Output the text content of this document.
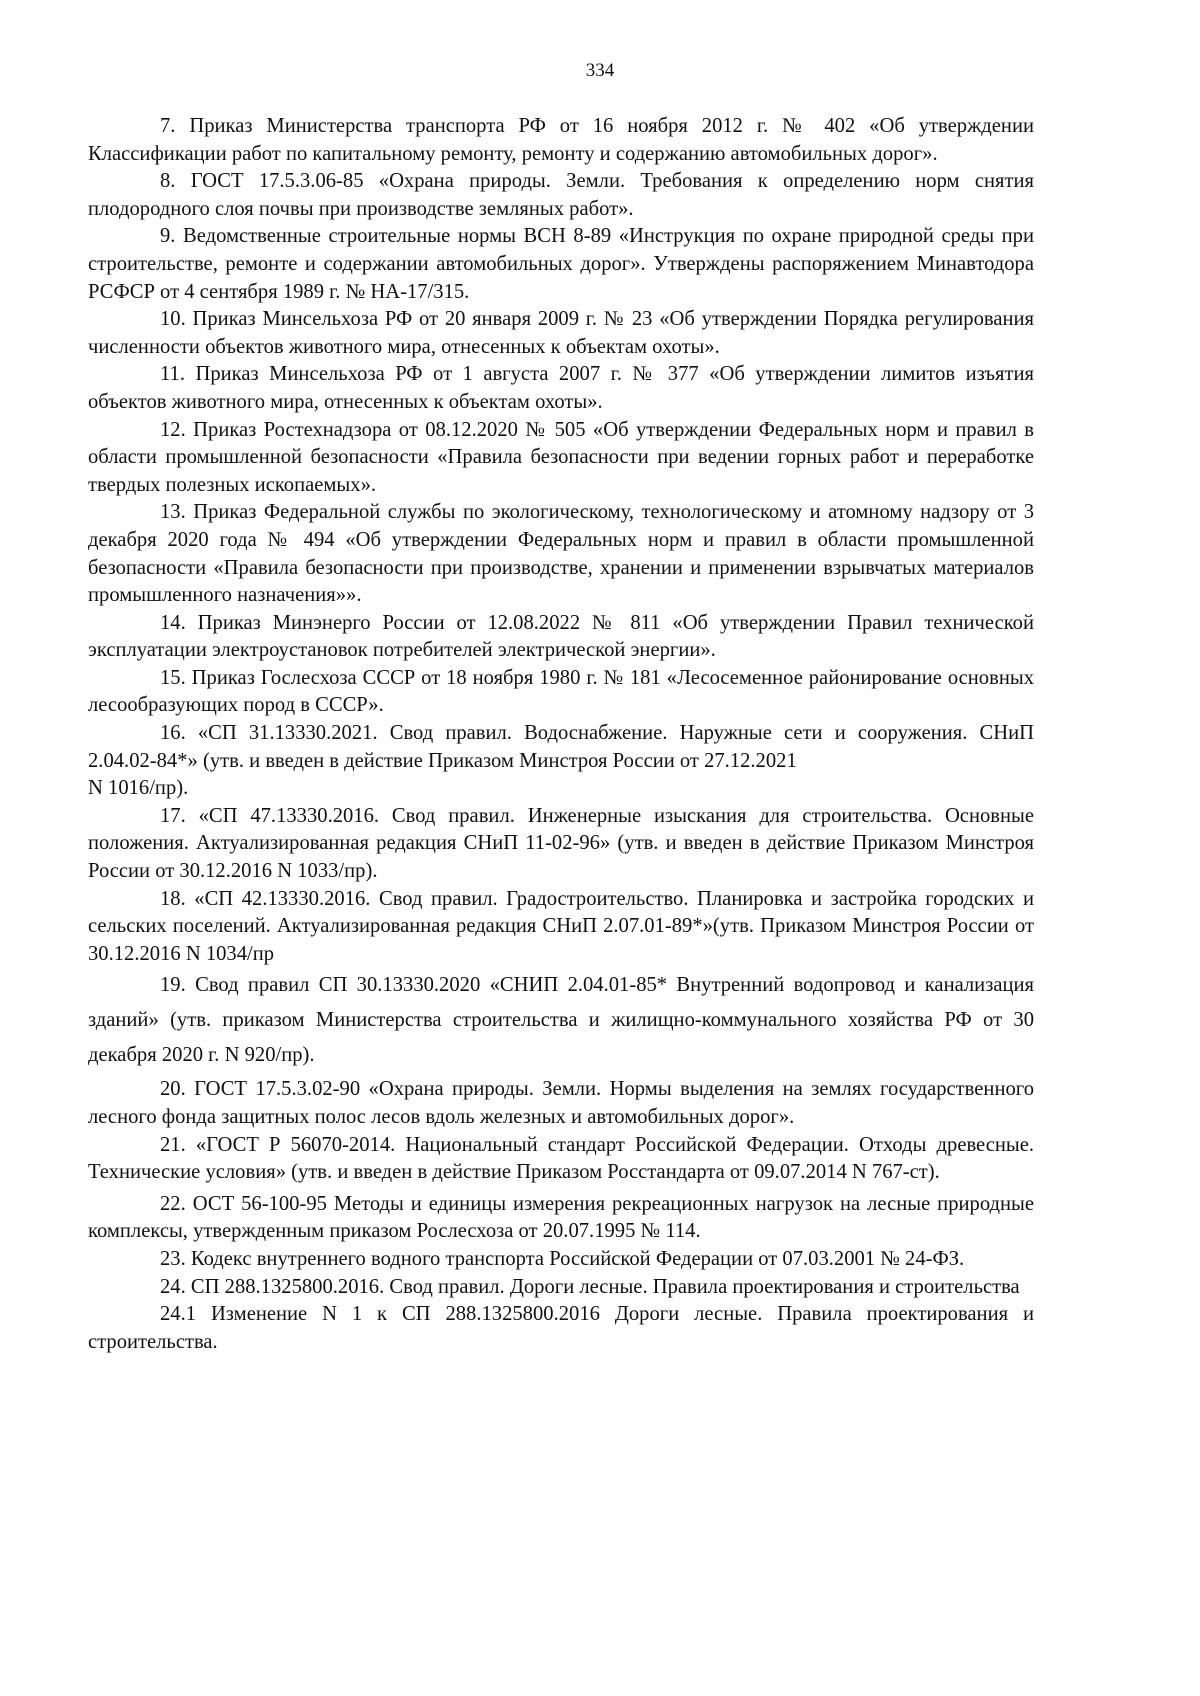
334

7. Приказ Министерства транспорта РФ от 16 ноября 2012 г. № 402 «Об утверждении Классификации работ по капитальному ремонту, ремонту и содержанию автомобильных дорог».

8. ГОСТ 17.5.3.06-85 «Охрана природы. Земли. Требования к определению норм снятия плодородного слоя почвы при производстве земляных работ».

9. Ведомственные строительные нормы ВСН 8-89 «Инструкция по охране природной среды при строительстве, ремонте и содержании автомобильных дорог». Утверждены распоряжением Минавтодора РСФСР от 4 сентября 1989 г. № НА-17/315.

10. Приказ Минсельхоза РФ от 20 января 2009 г. № 23 «Об утверждении Порядка регулирования численности объектов животного мира, отнесенных к объектам охоты».

11. Приказ Минсельхоза РФ от 1 августа 2007 г. № 377 «Об утверждении лимитов изъятия объектов животного мира, отнесенных к объектам охоты».

12. Приказ Ростехнадзора от 08.12.2020 № 505 «Об утверждении Федеральных норм и правил в области промышленной безопасности «Правила безопасности при ведении горных работ и переработке твердых полезных ископаемых».

13. Приказ Федеральной службы по экологическому, технологическому и атомному надзору от 3 декабря 2020 года № 494 «Об утверждении Федеральных норм и правил в области промышленной безопасности «Правила безопасности при производстве, хранении и применении взрывчатых материалов промышленного назначения»».

14. Приказ Минэнерго России от 12.08.2022 № 811 «Об утверждении Правил технической эксплуатации электроустановок потребителей электрической энергии».

15. Приказ Гослесхоза СССР от 18 ноября 1980 г. № 181 «Лесосеменное районирование основных лесообразующих пород в СССР».

16. «СП 31.13330.2021. Свод правил. Водоснабжение. Наружные сети и сооружения. СНиП 2.04.02-84*» (утв. и введен в действие Приказом Минстроя России от 27.12.2021

N 1016/пр).

17. «СП 47.13330.2016. Свод правил. Инженерные изыскания для строительства. Основные положения. Актуализированная редакция СНиП 11-02-96» (утв. и введен в действие Приказом Минстроя России от 30.12.2016 N 1033/пр).

18. «СП 42.13330.2016. Свод правил. Градостроительство. Планировка и застройка городских и сельских поселений. Актуализированная редакция СНиП 2.07.01-89*»(утв. Приказом Минстроя России от 30.12.2016 N 1034/пр

19. Свод правил СП 30.13330.2020 «СНИП 2.04.01-85* Внутренний водопровод и канализация зданий» (утв. приказом Министерства строительства и жилищно-коммунального хозяйства РФ от 30 декабря 2020 г. N 920/пр).

20. ГОСТ 17.5.3.02-90 «Охрана природы. Земли. Нормы выделения на землях государственного лесного фонда защитных полос лесов вдоль железных и автомобильных дорог».

21. «ГОСТ Р 56070-2014. Национальный стандарт Российской Федерации. Отходы древесные. Технические условия» (утв. и введен в действие Приказом Росстандарта от 09.07.2014 N 767-ст).

22. ОСТ 56-100-95 Методы и единицы измерения рекреационных нагрузок на лесные природные комплексы, утвержденным приказом Рослесхоза от 20.07.1995 № 114.

23. Кодекс внутреннего водного транспорта Российской Федерации от 07.03.2001 № 24-ФЗ.

24. СП 288.1325800.2016. Свод правил. Дороги лесные. Правила проектирования и строительства

24.1 Изменение N 1 к СП 288.1325800.2016 Дороги лесные. Правила проектирования и строительства.
